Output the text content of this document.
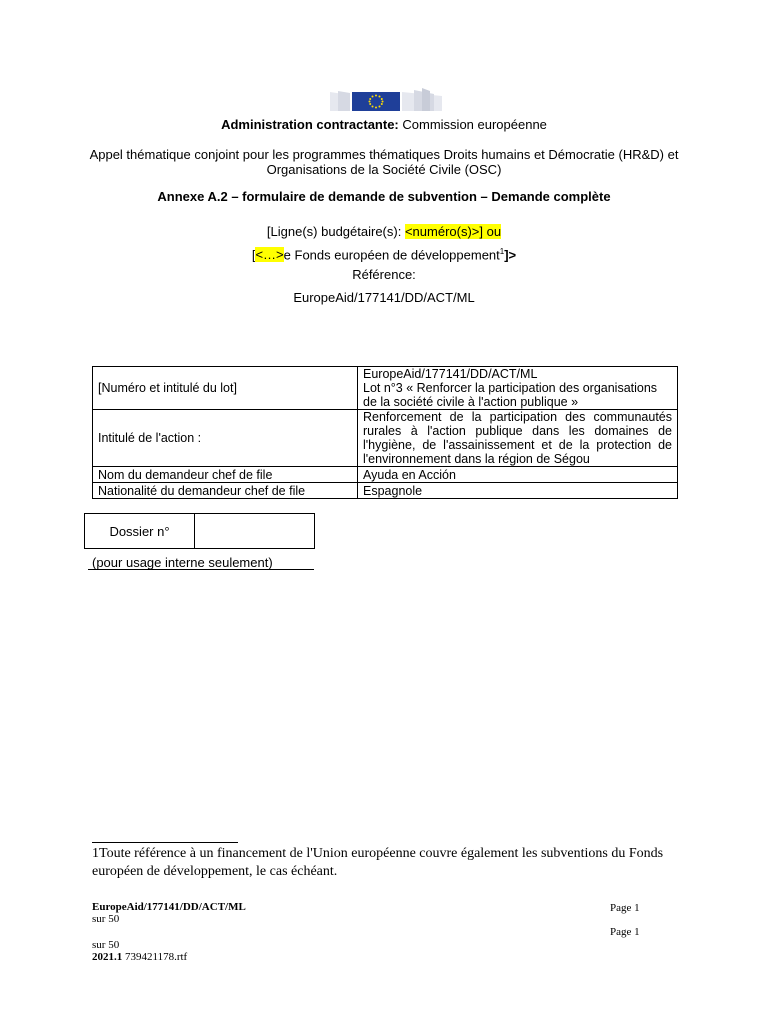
Administration contractante: Commission européenne
Appel thématique conjoint pour les programmes thématiques Droits humains et Démocratie (HR&D) et
Organisations de la Société Civile (OSC)
Annexe A.2 – formulaire de demande de subvention – Demande complète
[Ligne(s) budgétaire(s): <numéro(s)>] ou
[<…>e Fonds européen de développement$^1$]>
Référence:
EuropeAid/177141/DD/ACT/ML
[Numéro et intitulé du lot]	EuropeAid/177141/DD/ACT/ML
Lot n°3 « Renforcer la participation des organisations de la société civile à l'action publique »

Intitulé de l'action :	Renforcement de la participation des communautés rurales à l'action publique dans les domaines de l'hygiène, de l'assainissement et de la protection de l'environnement dans la région de Ségou
Nom du demandeur chef de file	Ayuda en Acción
Nationalité du demandeur chef de file	Espagnole
Dossier n°
(pour usage interne seulement)
1Toute référence à un financement de l'Union européenne couvre également les subventions du Fonds européen de développement, le cas échéant.
EuropeAid/177141/DD/ACT/ML
sur 50
Page 1
Page 1
sur 50
2021.1 739421178.rtf
